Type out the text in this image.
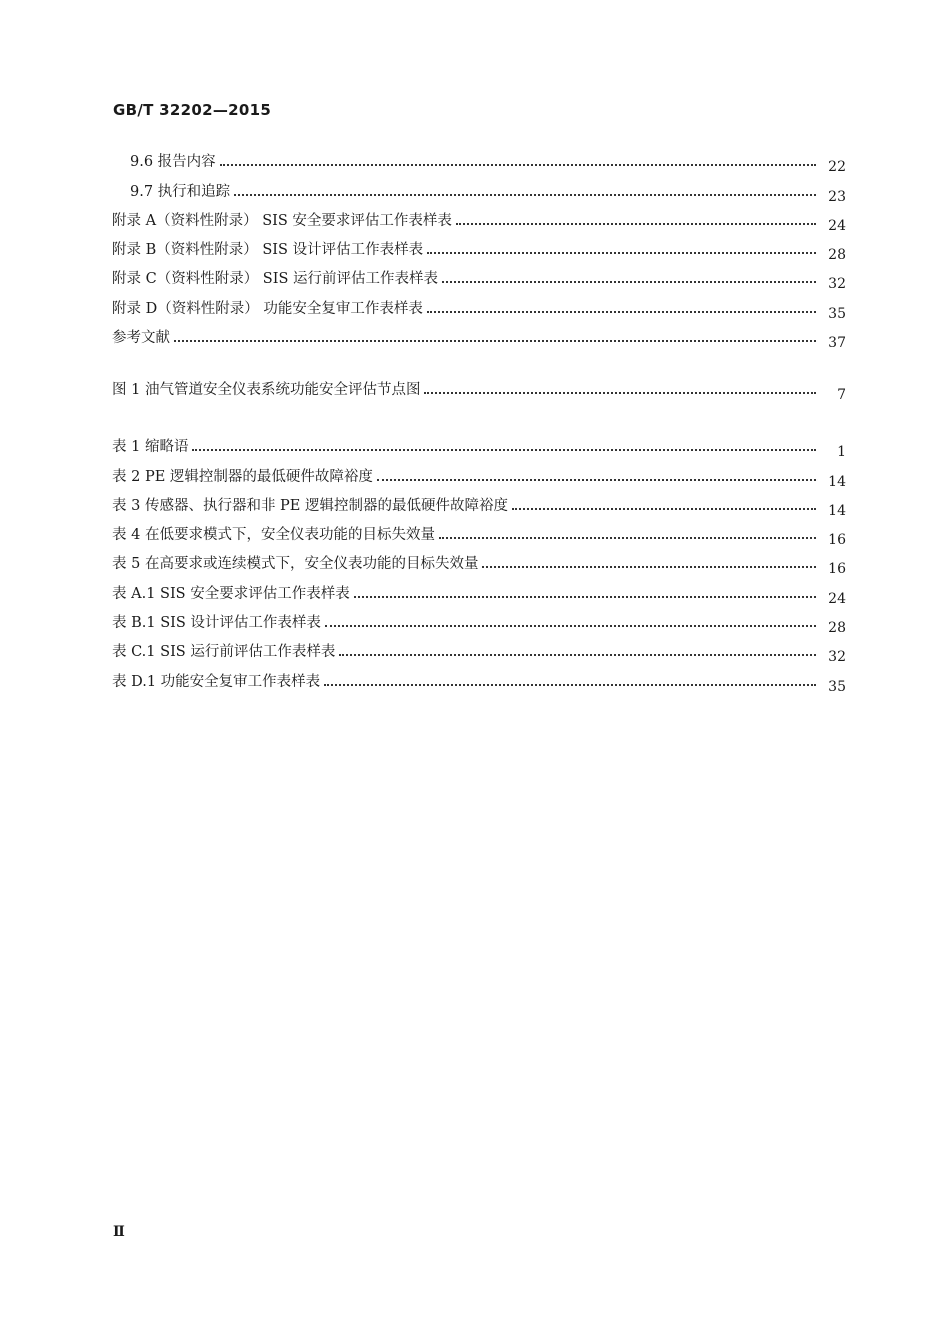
GB/T 32202—2015
9.6 报告内容	22
9.7 执行和追踪	23
附录 A（资料性附录） SIS 安全要求评估工作表样表	24
附录 B（资料性附录） SIS 设计评估工作表样表	28
附录 C（资料性附录） SIS 运行前评估工作表样表	32
附录 D（资料性附录） 功能安全复审工作表样表	35
参考文献	37
图 1 油气管道安全仪表系统功能安全评估节点图	7
表 1 缩略语	1
表 2 PE 逻辑控制器的最低硬件故障裕度	14
表 3 传感器、执行器和非 PE 逻辑控制器的最低硬件故障裕度	14
表 4 在低要求模式下，安全仪表功能的目标失效量	16
表 5 在高要求或连续模式下，安全仪表功能的目标失效量	16
表 A.1 SIS 安全要求评估工作表样表	24
表 B.1 SIS 设计评估工作表样表	28
表 C.1 SIS 运行前评估工作表样表	32
表 D.1 功能安全复审工作表样表	35
Ⅱ
